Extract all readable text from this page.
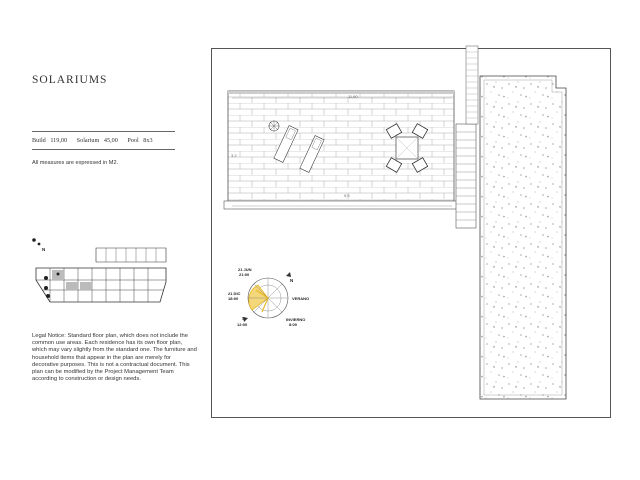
SOLARIUMS
Build 119,00 Solarium 45,00 Pool 8x3
All measures are expressed in M2.
Legal Notice: Standard floor plan, which does not include the common use areas. Each residence has its own floor plan, which may vary slightly from the standard one. The furniture and household items that appear in the plan are merely for decorative purposes. This is not a contractual document. This plan can be modified by the Project Management Team according to construction or design needs.
11,60
9,5
3,2
N
S
21 JUN
21:00
21 DIC
18:00	VERANO
INVIERNO
8:00
12:00
N
